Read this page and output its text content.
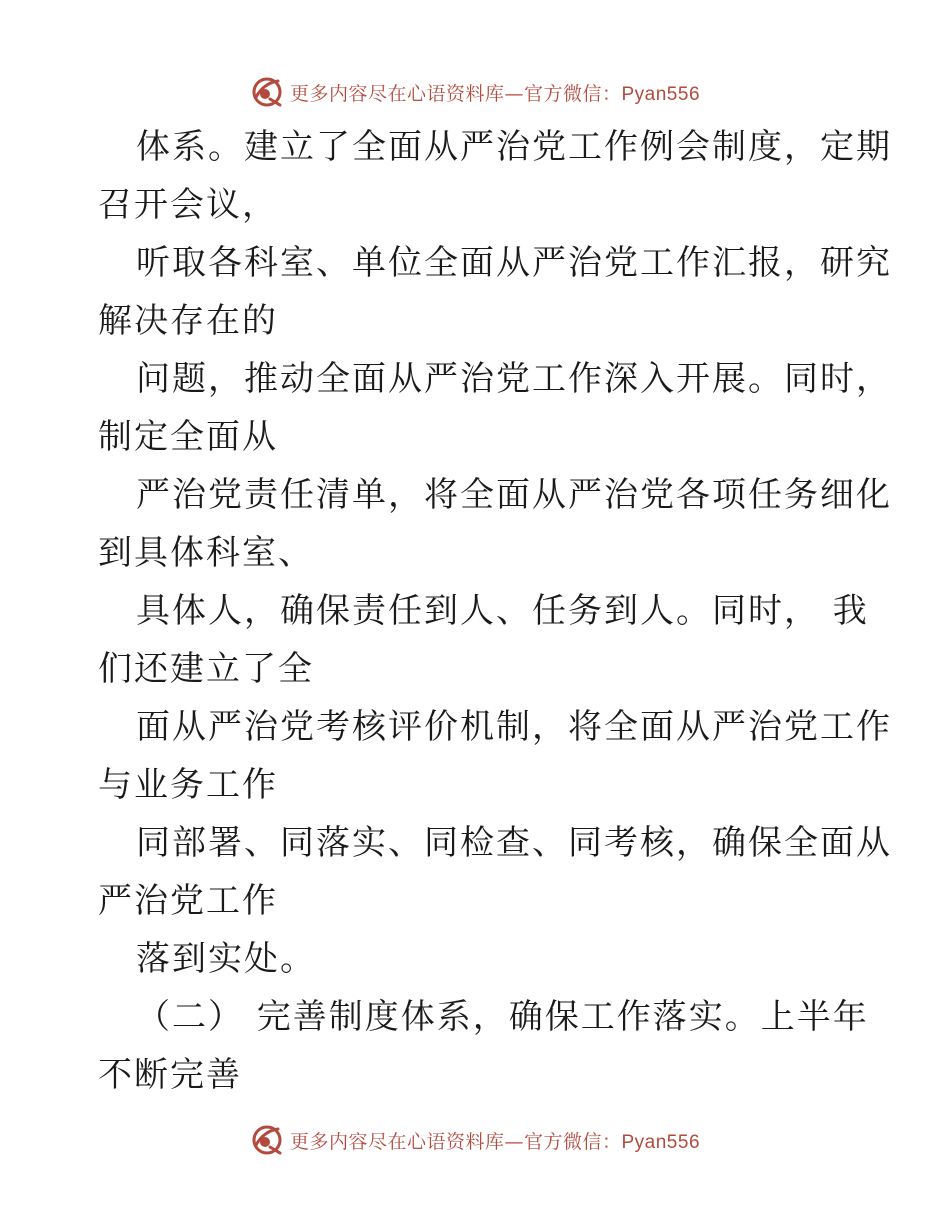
更多内容尽在心语资料库—官方微信：Pyan556
体系。建立了全面从严治党工作例会制度，定期
召开会议，
听取各科室、单位全面从严治党工作汇报，研究
解决存在的
问题，推动全面从严治党工作深入开展。同时，
制定全面从
严治党责任清单，将全面从严治党各项任务细化
到具体科室、
具体人，确保责任到人、任务到人。同时， 我
们还建立了全
面从严治党考核评价机制，将全面从严治党工作
与业务工作
同部署、同落实、同检查、同考核，确保全面从
严治党工作
落到实处。
（二） 完善制度体系，确保工作落实。上半年
不断完善
更多内容尽在心语资料库—官方微信：Pyan556
